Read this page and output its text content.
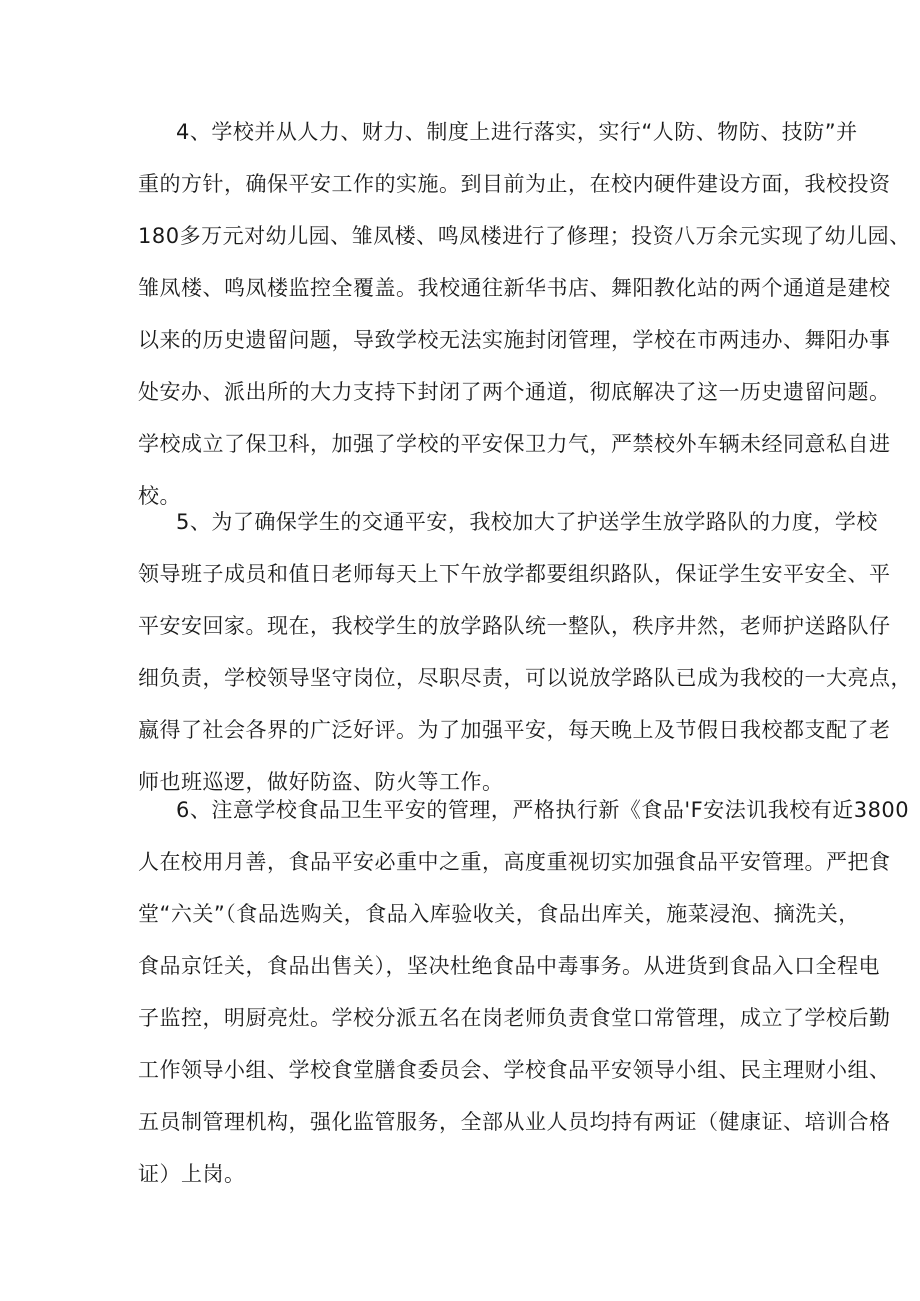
4、学校并从人力、财力、制度上进行落实，实行“人防、物防、技防”并
重的方针，确保平安工作的实施。到目前为止，在校内硬件建设方面，我校投资
180多万元对幼儿园、雏凤楼、鸣凤楼进行了修理；投资八万余元实现了幼儿园、
雏凤楼、鸣凤楼监控全覆盖。我校通往新华书店、舞阳教化站的两个通道是建校
以来的历史遗留问题，导致学校无法实施封闭管理，学校在市两违办、舞阳办事
处安办、派出所的大力支持下封闭了两个通道，彻底解决了这一历史遗留问题。
学校成立了保卫科，加强了学校的平安保卫力气，严禁校外车辆未经同意私自进
校。
5、为了确保学生的交通平安，我校加大了护送学生放学路队的力度，学校
领导班子成员和值日老师每天上下午放学都要组织路队，保证学生安平安全、平
平安安回家。现在，我校学生的放学路队统一整队，秩序井然，老师护送路队仔
细负责，学校领导坚守岗位，尽职尽责，可以说放学路队已成为我校的一大亮点，
嬴得了社会各界的广泛好评。为了加强平安，每天晚上及节假日我校都支配了老
师也班巡逻，做好防盗、防火等工作。
6、注意学校食品卫生平安的管理，严格执行新《食品'F安法讥我校有近3800
人在校用月善，食品平安必重中之重，高度重视切实加强食品平安管理。严把食
堂“六关”（食品选购关，食品入库验收关，食品出库关，施菜浸泡、摘洗关，
食品京饪关，食品出售关），坚决杜绝食品中毒事务。从进货到食品入口全程电
子监控，明厨亮灶。学校分派五名在岗老师负责食堂口常管理，成立了学校后勤
工作领导小组、学校食堂膳食委员会、学校食品平安领导小组、民主理财小组、
五员制管理机构，强化监管服务，全部从业人员均持有两证（健康证、培训合格
证）上岗。
